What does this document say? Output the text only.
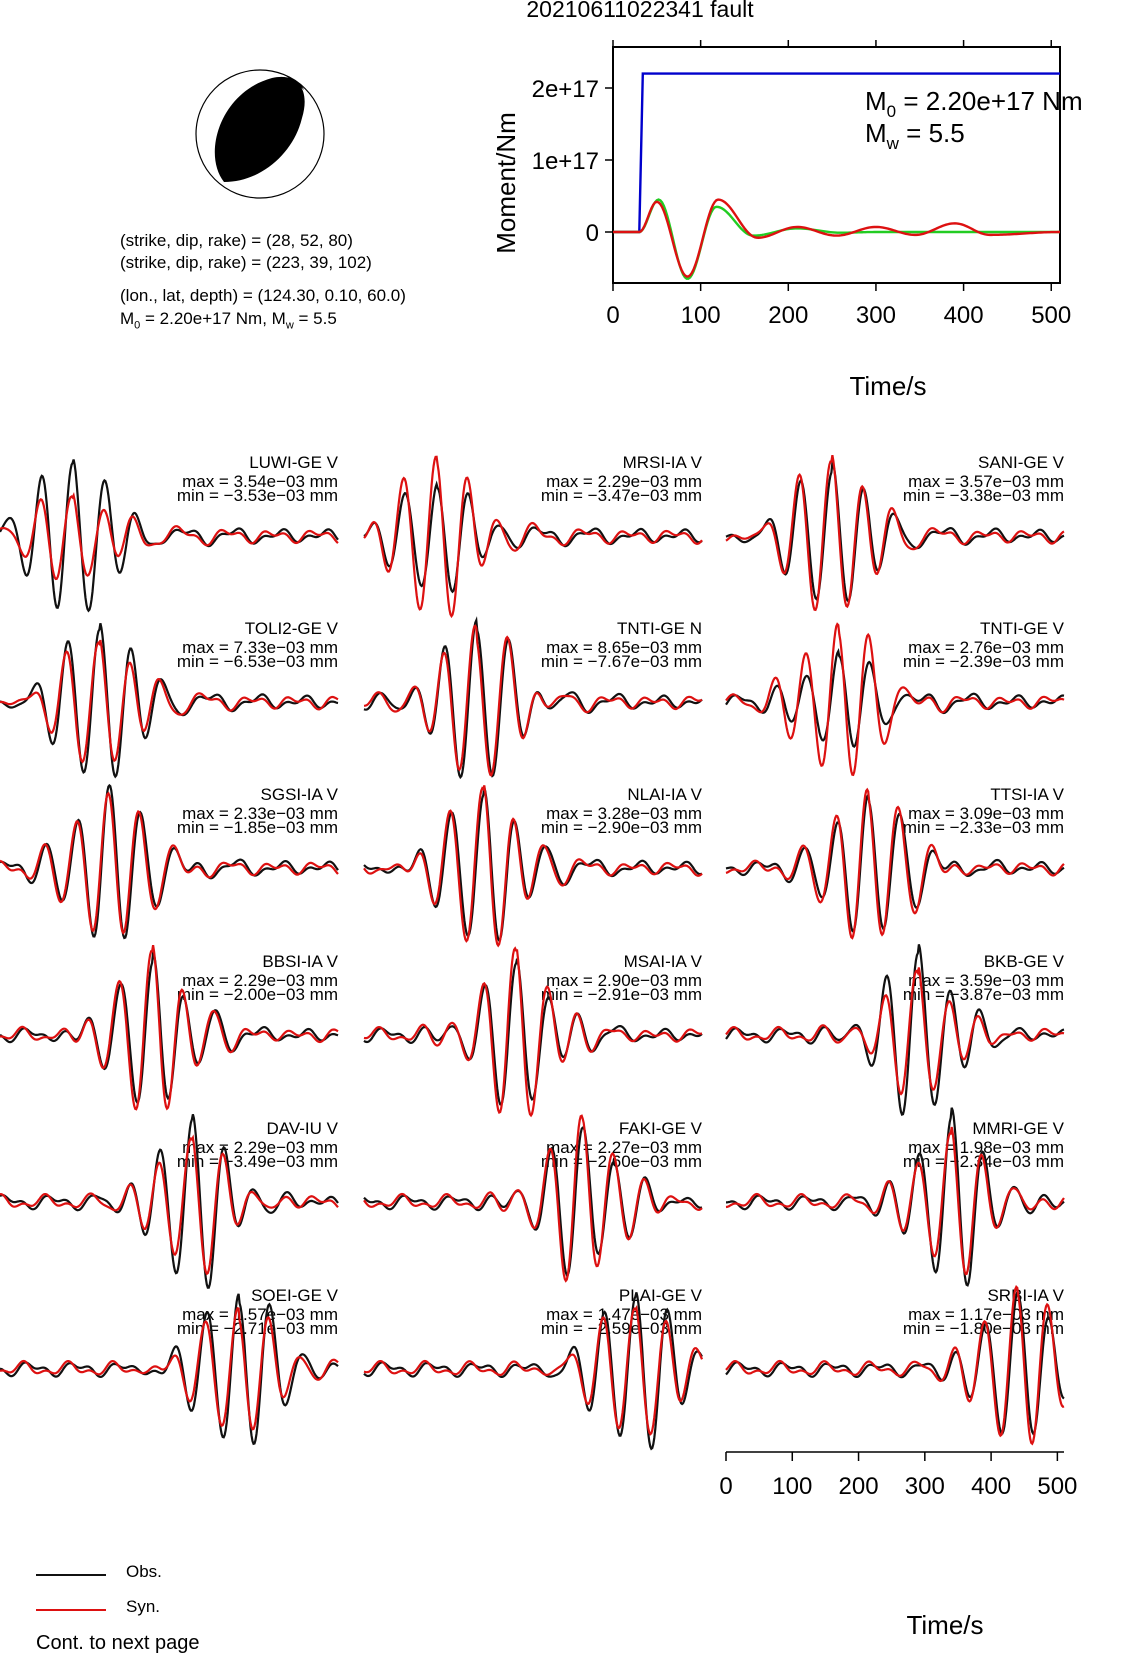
20210611022341 fault
(strike, dip, rake) = (28, 52, 80)
(strike, dip, rake) = (223, 39, 102)
(lon., lat, depth) = (124.30, 0.10, 60.0)
$M_0 = 2.20e+17$ Nm, $M_w = 5.5$	0	100 200 300 400 500
0
1e+17
2e+17
Moment/Nm
Time/s
$M_0 = 2.20e+17$ Nm
$M_w = 5.5$
LUWI-GE V
max = 3.54e−03 mm
min = −3.53e−03 mm
MRSI-IA V
max = 2.29e−03 mm
min = −3.47e−03 mm
SANI-GE V
max = 3.57e−03 mm
min = −3.38e−03 mm
TOLI2-GE V
max = 7.33e−03 mm
min = −6.53e−03 mm
TNTI-GE N
max = 8.65e−03 mm
min = −7.67e−03 mm
TNTI-GE V
max = 2.76e−03 mm
min = −2.39e−03 mm
SGSI-IA V
max = 2.33e−03 mm
min = −1.85e−03 mm
NLAI-IA V
max = 3.28e−03 mm
min = −2.90e−03 mm
TTSI-IA V
max = 3.09e−03 mm
min = −2.33e−03 mm
BBSI-IA V
max = 2.29e−03 mm
min = −2.00e−03 mm
MSAI-IA V
max = 2.90e−03 mm
min = −2.91e−03 mm
BKB-GE V
max = 3.59e−03 mm
min = −3.87e−03 mm
DAV-IU V
max = 2.29e−03 mm
min = −3.49e−03 mm
FAKI-GE V
max = 2.27e−03 mm
min = −2.60e−03 mm
MMRI-GE V
max = 1.98e−03 mm
min = −2.34e−03 mm
SOEI-GE V
max = 1.57e−03 mm
min = −2.71e−03 mm
PLAI-GE V
max = 1.47e−03 mm
min = −2.59e−03 mm
SRBI-IA V
max = 1.17e−03 mm
min = −1.80e−03 mm
0 100 200 300 400 500
Time/s
Obs.
Syn.
Cont. to next page
